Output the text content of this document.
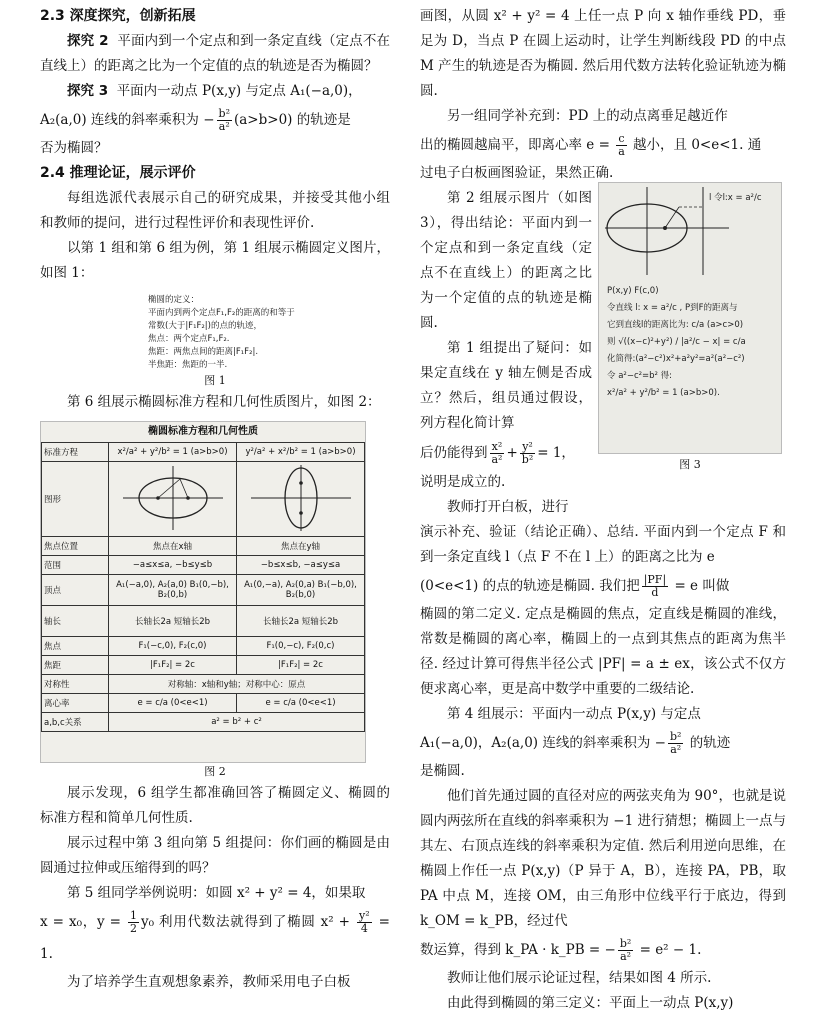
2.3 深度探究，创新拓展

探究 2 平面内到一个定点和到一条定直线（定点不在直线上）的距离之比为一个定值的点的轨迹是否为椭圆？

探究 3 平面内一动点 P(x,y) 与定点 A₁(−a,0)，

A₂(a,0) 连线的斜率乘积为 − $\frac{\text{b²}}{\text{a²}} (a>b>0)$ 的轨迹是

否为椭圆？

2.4 推理论证，展示评价

每组选派代表展示自己的研究成果，并接受其他小组和教师的提问，进行过程性评价和表现性评价.

以第 1 组和第 6 组为例，第 1 组展示椭圆定义图片，如图 1：

椭圆的定义：
平面内到两个定点F₁,F₂的距离的和等于
常数(大于|F₁F₂|)的点的轨迹，
焦点：两个定点F₁,F₂.
焦距：两焦点间的距离|F₁F₂|.
半焦距：焦距的一半.

图 1

第 6 组展示椭圆标准方程和几何性质图片，如图 2：

椭圆标准方程和几何性质
标准方程	x²/a² + y²/b² = 1 (a>b>0)	y²/a² + x²/b² = 1 (a>b>0)
图形		
焦点位置	焦点在x轴	焦点在y轴
范围	−a≤x≤a, −b≤y≤b	−b≤x≤b, −a≤y≤a
顶点	A₁(−a,0), A₂(a,0) B₁(0,−b), B₂(0,b)	A₁(0,−a), A₂(0,a) B₁(−b,0), B₂(b,0)
轴长	长轴长2a 短轴长2b	长轴长2a 短轴长2b
焦点	F₁(−c,0), F₂(c,0)	F₁(0,−c), F₂(0,c)
焦距	|F₁F₂| = 2c	|F₁F₂| = 2c
对称性	对称轴：x轴和y轴；对称中心：原点	
离心率	e = c/a (0<e<1)	e = c/a (0<e<1)
a,b,c关系	a² = b² + c²	

图 2

展示发现，6 组学生都准确回答了椭圆定义、椭圆的标准方程和简单几何性质.

展示过程中第 3 组向第 5 组提问：你们画的椭圆是由圆通过拉伸或压缩得到的吗？

第 5 组同学举例说明：如圆 x² + y² = 4，如果取

x = x₀，$y = \frac{1}{2} y_0$ 利用代数法就得到了椭圆 $x^2 + \frac{\text{y²}}{4} = 1$.

为了培养学生直观想象素养，教师采用电子白板

画图，从圆 x² + y² = 4 上任一点 P 向 x 轴作垂线 PD，垂足为 D，当点 P 在圆上运动时，让学生判断线段 PD 的中点 M 产生的轨迹是否为椭圆. 然后用代数方法转化验证轨迹为椭圆.

另一组同学补充到：PD 上的动点离垂足越近作

出的椭圆越扁平，即离心率 $e = \frac{c}{a}$ 越小，且 0<e<1. 通

过电子白板画图验证，果然正确.

第 2 组展示图片（如图 3），得出结论：平面内到一个定点和到一条定直线（定点不在直线上）的距离之比为一个定值的点的轨迹是椭圆.

第 1 组提出了疑问：如果定直线在 y 轴左侧是否成立？然后，组员通过假设，列方程化简计算

后仍能得到 $\frac{\text{x²}}{\text{a²}} + \frac{\text{y²}}{\text{b²}} = 1$，

说明是成立的.

教师打开白板，进行

l 令l:x = a²/c
P(x,y) F(c,0)
令直线 l: x = a²/c , P到F的距离与
它到直线l的距离比为: c/a (a>c>0)
则 √((x−c)²+y²) / |a²/c − x| = c/a
化简得:(a²−c²)x²+a²y²=a²(a²−c²)
令 a²−c²=b² 得:
x²/a² + y²/b² = 1 (a>b>0).
图 3

演示补充、验证（结论正确）、总结. 平面内到一个定点 F 和到一条定直线 l（点 F 不在 l 上）的距离之比为 e

(0<e<1) 的点的轨迹是椭圆. 我们把 $\frac{|PF|}{d} = e$ 叫做

椭圆的第二定义. 定点是椭圆的焦点，定直线是椭圆的准线，常数是椭圆的离心率，椭圆上的一点到其焦点的距离为焦半径. 经过计算可得焦半径公式 |PF| = a ± ex，该公式不仅方便求离心率，更是高中数学中重要的二级结论.

第 4 组展示：平面内一动点 P(x,y) 与定点

A₁(−a,0)，A₂(a,0) 连线的斜率乘积为 − $\frac{\text{b²}}{\text{a²}}$ 的轨迹

是椭圆.

他们首先通过圆的直径对应的两弦夹角为 90°，也就是说圆内两弦所在直线的斜率乘积为 −1 进行猜想；椭圆上一点与其左、右顶点连线的斜率乘积为定值. 然后利用逆向思维，在椭圆上作任一点 P(x,y)（P 异于 A，B），连接 PA，PB，取 PA 中点 M，连接 OM，由三角形中位线平行于底边，得到 k_OM = k_PB，经过代

数运算，得到 k_PA · k_PB = − $\frac{\text{b²}}{\text{a²}} = e^2 - 1$.

教师让他们展示论证过程，结果如图 4 所示.

由此得到椭圆的第三定义：平面上一动点 P(x,y)
